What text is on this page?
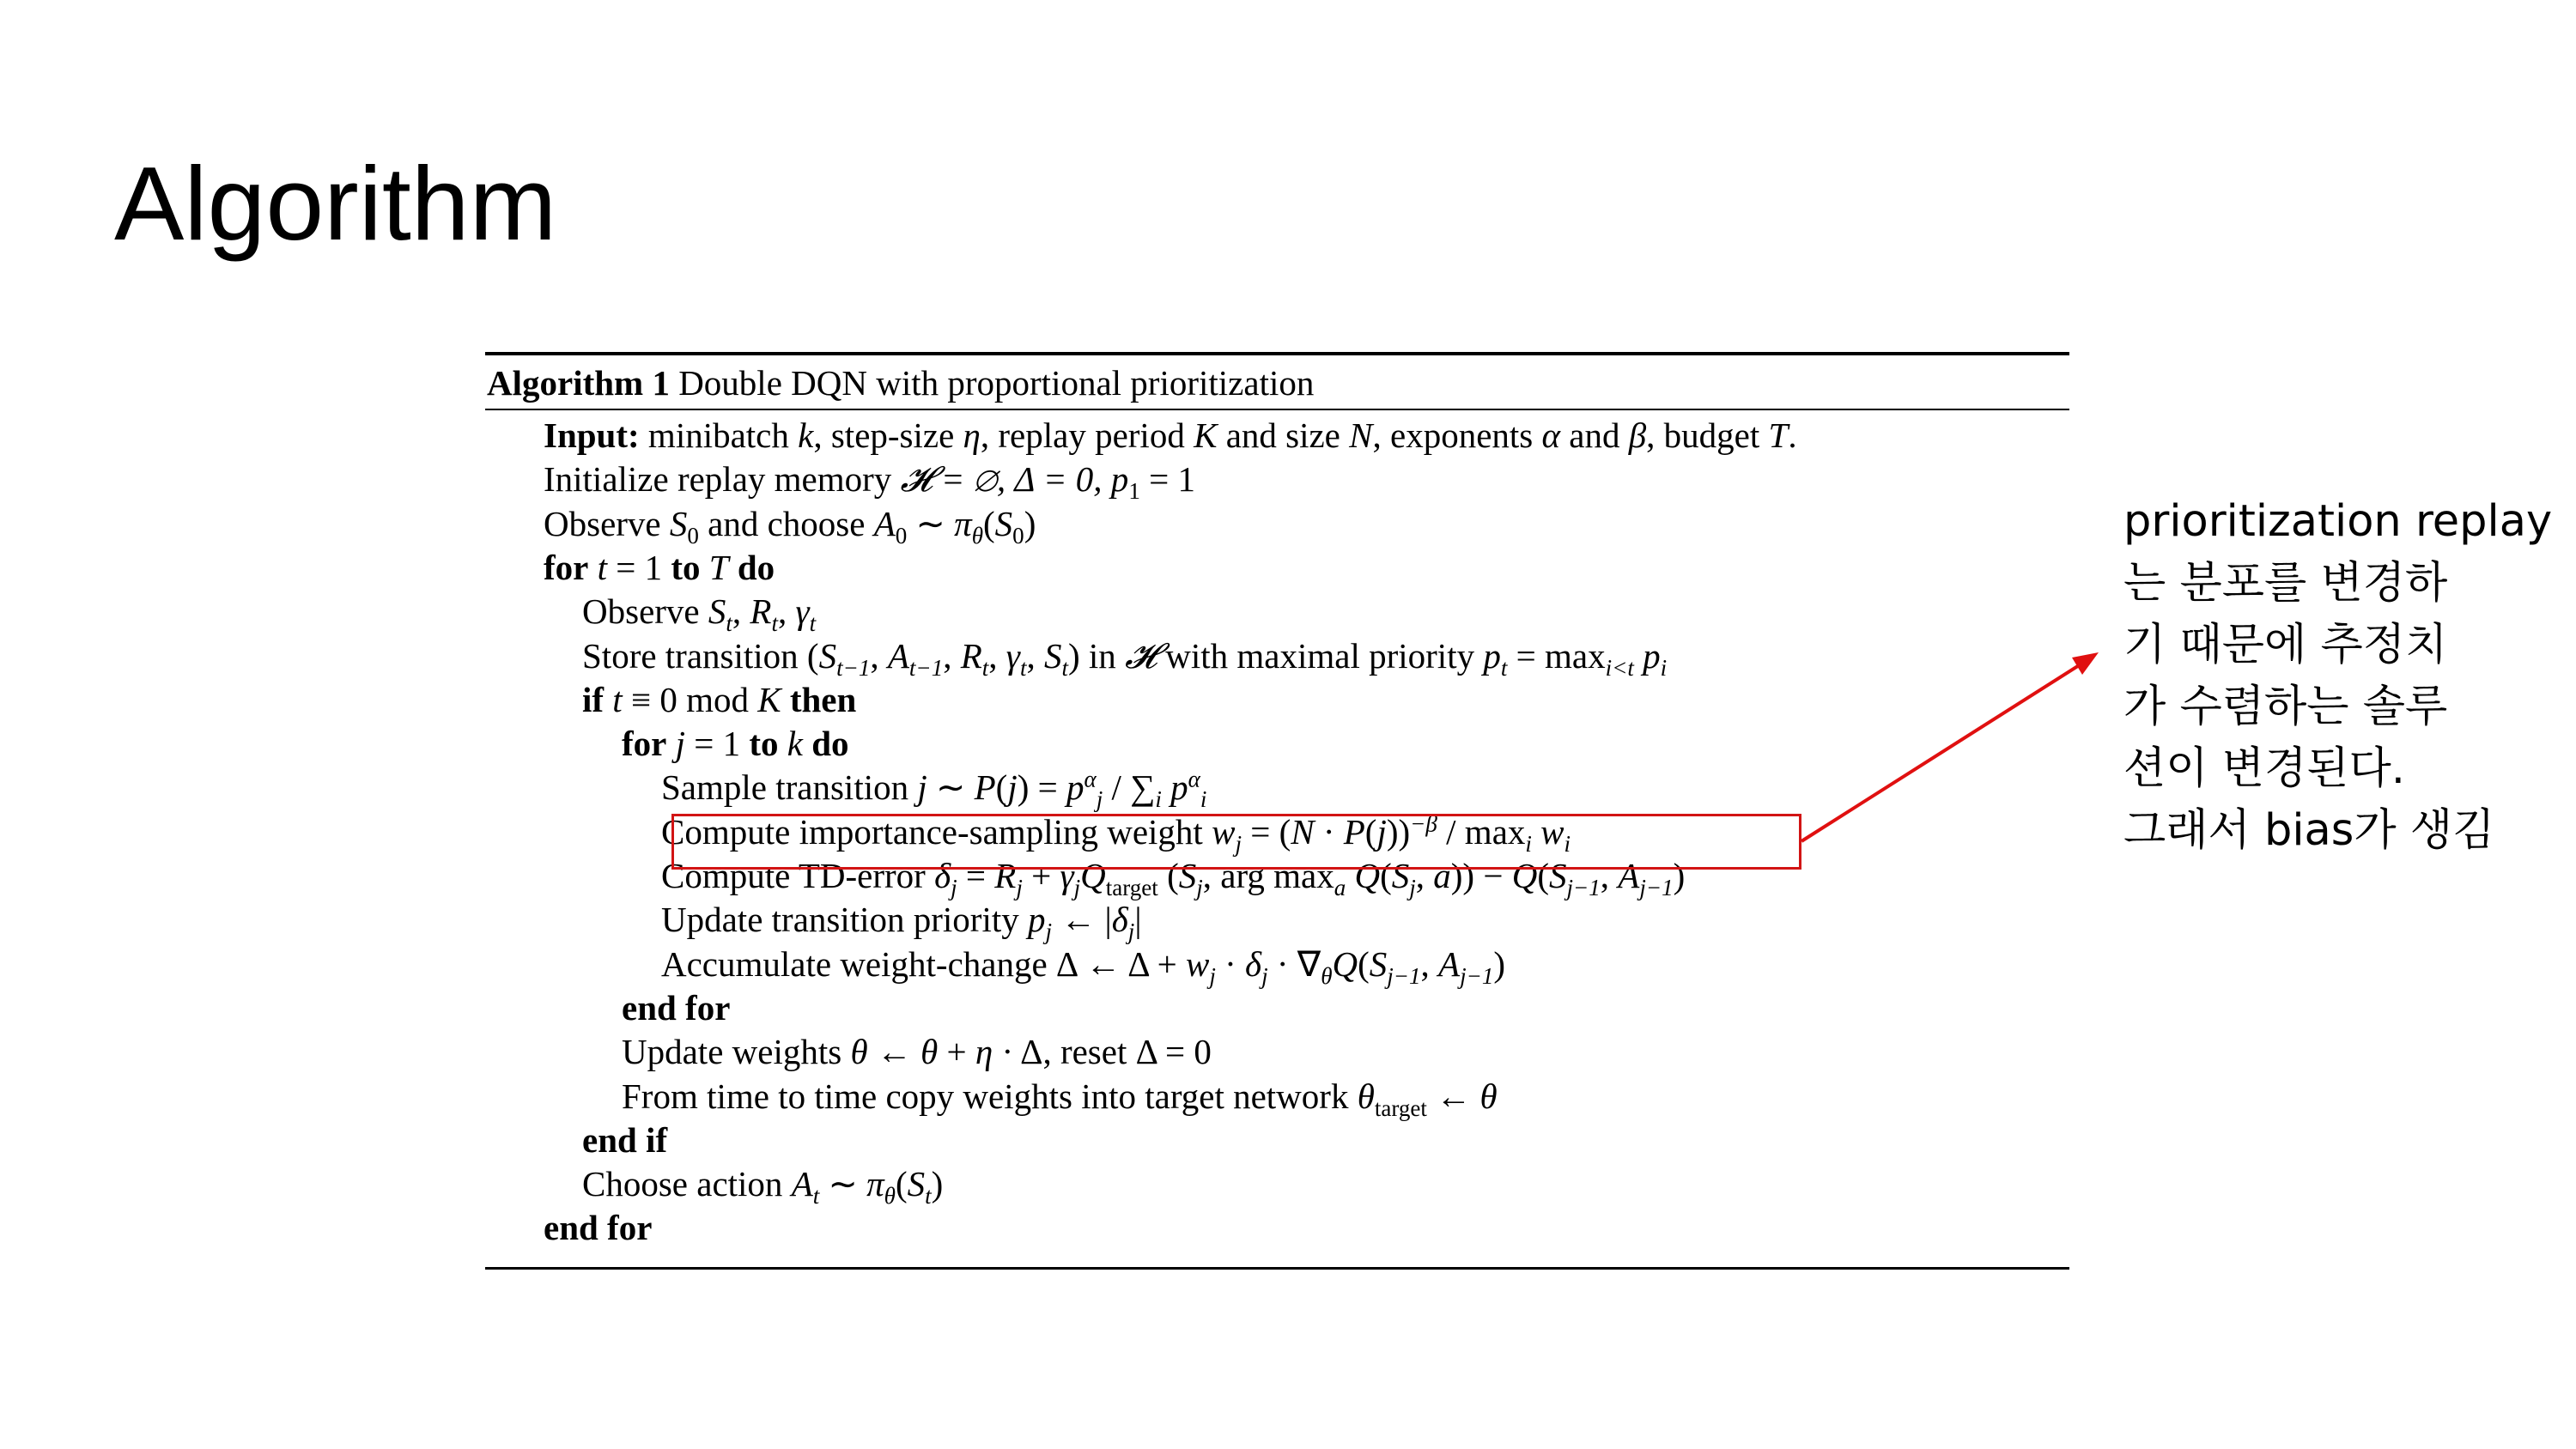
Algorithm
Algorithm 1 Double DQN with proportional prioritization
Input: minibatch k, step-size η, replay period K and size N, exponents α and β, budget T.
Initialize replay memory 𝓗 = ∅, Δ = 0, $p_1 = 1$
Observe $S_0$ and choose $A_0$ ∼ $\pi_\theta(S_0)$
for t = 1 to T do
Observe $S_t$, $R_t$, $\gamma_t$
Store transition ($S_{t-1}$, $A_{t-1}$, $R_t$, $\gamma_t$, $S_t$) in 𝓗 with maximal priority $p_t = \max_{i<t} p_i$
if t ≡ 0 mod K then
for j = 1 to k do
Sample transition j ∼ $P(j) = p^\alpha_j / \sum_i$ $p^\alpha_i$
Compute importance-sampling weight $w_j = (N \cdot P(j))^{-\beta} / \max_i w_i$
Compute TD-error $\delta_j = R_j + \gamma_jQ_{target}$ ($S_j$, arg $\max_a Q(S_j$, $a)) - Q(S_{j-1}$, $A_{j-1}$)
Update transition priority $p_j$ ← $|\delta_j|$
Accumulate weight-change Δ ← $\Delta + w_j \cdot \delta_j \cdot \nabla_\theta Q(S_{j-1}$, $A_{j-1}$)
end for
Update weights θ ← θ + η · Δ, reset Δ = 0
From time to time copy weights into target network $\theta_{target}$ ← θ
end if
Choose action $A_t$ ∼ $\pi_\theta(S_t)$
end for
prioritization replay
는 분포를 변경하
기 때문에 추정치
가 수렴하는 솔루
션이 변경된다.
그래서 bias가 생김
